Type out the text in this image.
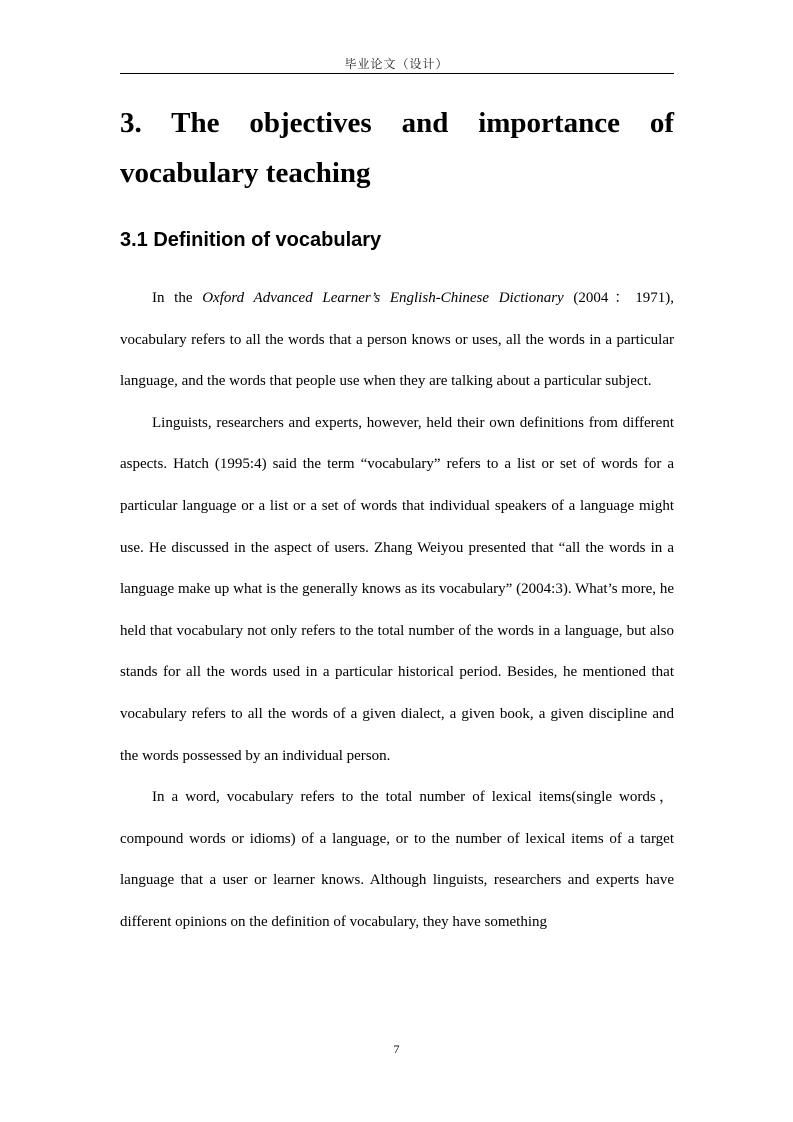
毕业论文（设计）
3. The objectives and importance of vocabulary teaching
3.1 Definition of vocabulary

In the Oxford Advanced Learner’s English-Chinese Dictionary (2004：1971), vocabulary refers to all the words that a person knows or uses, all the words in a particular language, and the words that people use when they are talking about a particular subject.

Linguists, researchers and experts, however, held their own definitions from different aspects. Hatch (1995:4) said the term “vocabulary” refers to a list or set of words for a particular language or a list or a set of words that individual speakers of a language might use. He discussed in the aspect of users. Zhang Weiyou presented that “all the words in a language make up what is the generally knows as its vocabulary” (2004:3). What’s more, he held that vocabulary not only refers to the total number of the words in a language, but also stands for all the words used in a particular historical period. Besides, he mentioned that vocabulary refers to all the words of a given dialect, a given book, a given discipline and the words possessed by an individual person.

In a word, vocabulary refers to the total number of lexical items(single words，compound words or idioms) of a language, or to the number of lexical items of a target language that a user or learner knows. Although linguists, researchers and experts have different opinions on the definition of vocabulary, they have something

7
